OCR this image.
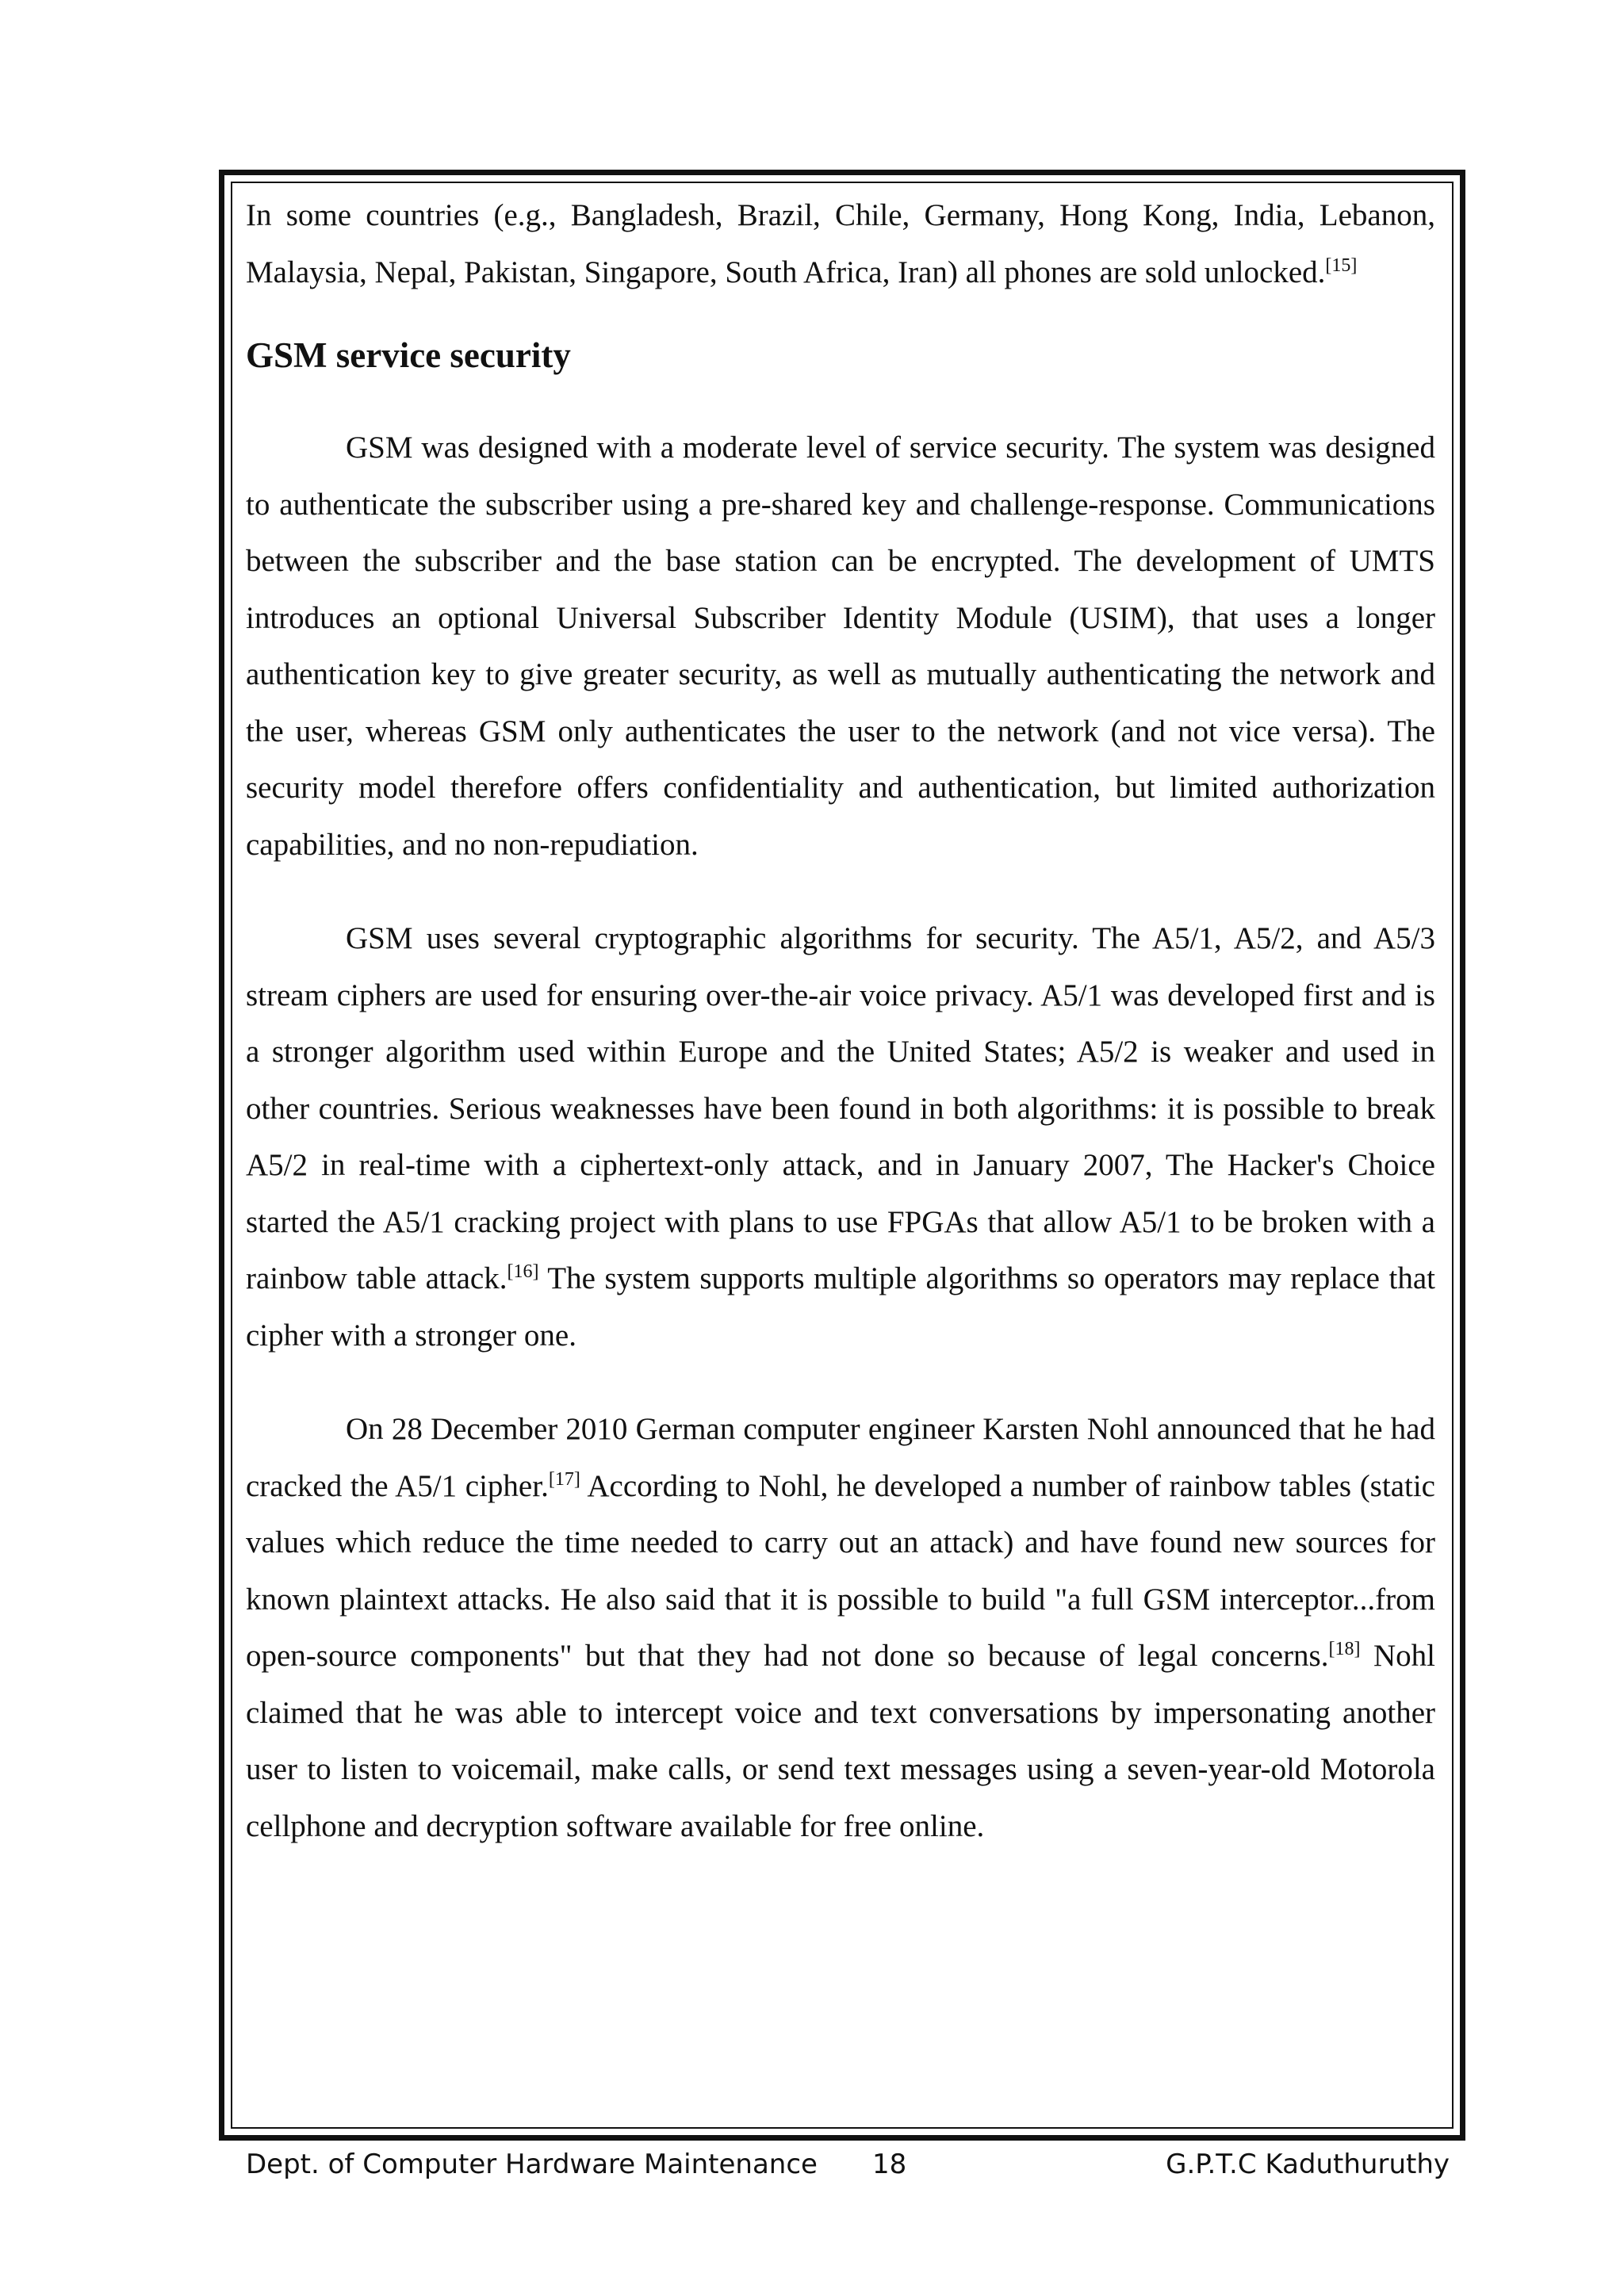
In some countries (e.g., Bangladesh, Brazil, Chile, Germany, Hong Kong, India, Lebanon, Malaysia, Nepal, Pakistan, Singapore, South Africa, Iran) all phones are sold unlocked.[15]

GSM service security

GSM was designed with a moderate level of service security. The system was designed to authenticate the subscriber using a pre-shared key and challenge-response. Communications between the subscriber and the base station can be encrypted. The development of UMTS introduces an optional Universal Subscriber Identity Module (USIM), that uses a longer authentication key to give greater security, as well as mutually authenticating the network and the user, whereas GSM only authenticates the user to the network (and not vice versa). The security model therefore offers confidentiality and authentication, but limited authorization capabilities, and no non-repudiation.

GSM uses several cryptographic algorithms for security. The A5/1, A5/2, and A5/3 stream ciphers are used for ensuring over-the-air voice privacy. A5/1 was developed first and is a stronger algorithm used within Europe and the United States; A5/2 is weaker and used in other countries. Serious weaknesses have been found in both algorithms: it is possible to break A5/2 in real-time with a ciphertext-only attack, and in January 2007, The Hacker's Choice started the A5/1 cracking project with plans to use FPGAs that allow A5/1 to be broken with a rainbow table attack.[16] The system supports multiple algorithms so operators may replace that cipher with a stronger one.

On 28 December 2010 German computer engineer Karsten Nohl announced that he had cracked the A5/1 cipher.[17] According to Nohl, he developed a number of rainbow tables (static values which reduce the time needed to carry out an attack) and have found new sources for known plaintext attacks. He also said that it is possible to build "a full GSM interceptor...from open-source components" but that they had not done so because of legal concerns.[18] Nohl claimed that he was able to intercept voice and text conversations by impersonating another user to listen to voicemail, make calls, or send text messages using a seven-year-old Motorola cellphone and decryption software available for free online.

Dept. of Computer Hardware Maintenance 18	G.P.T.C Kaduthuruthy
